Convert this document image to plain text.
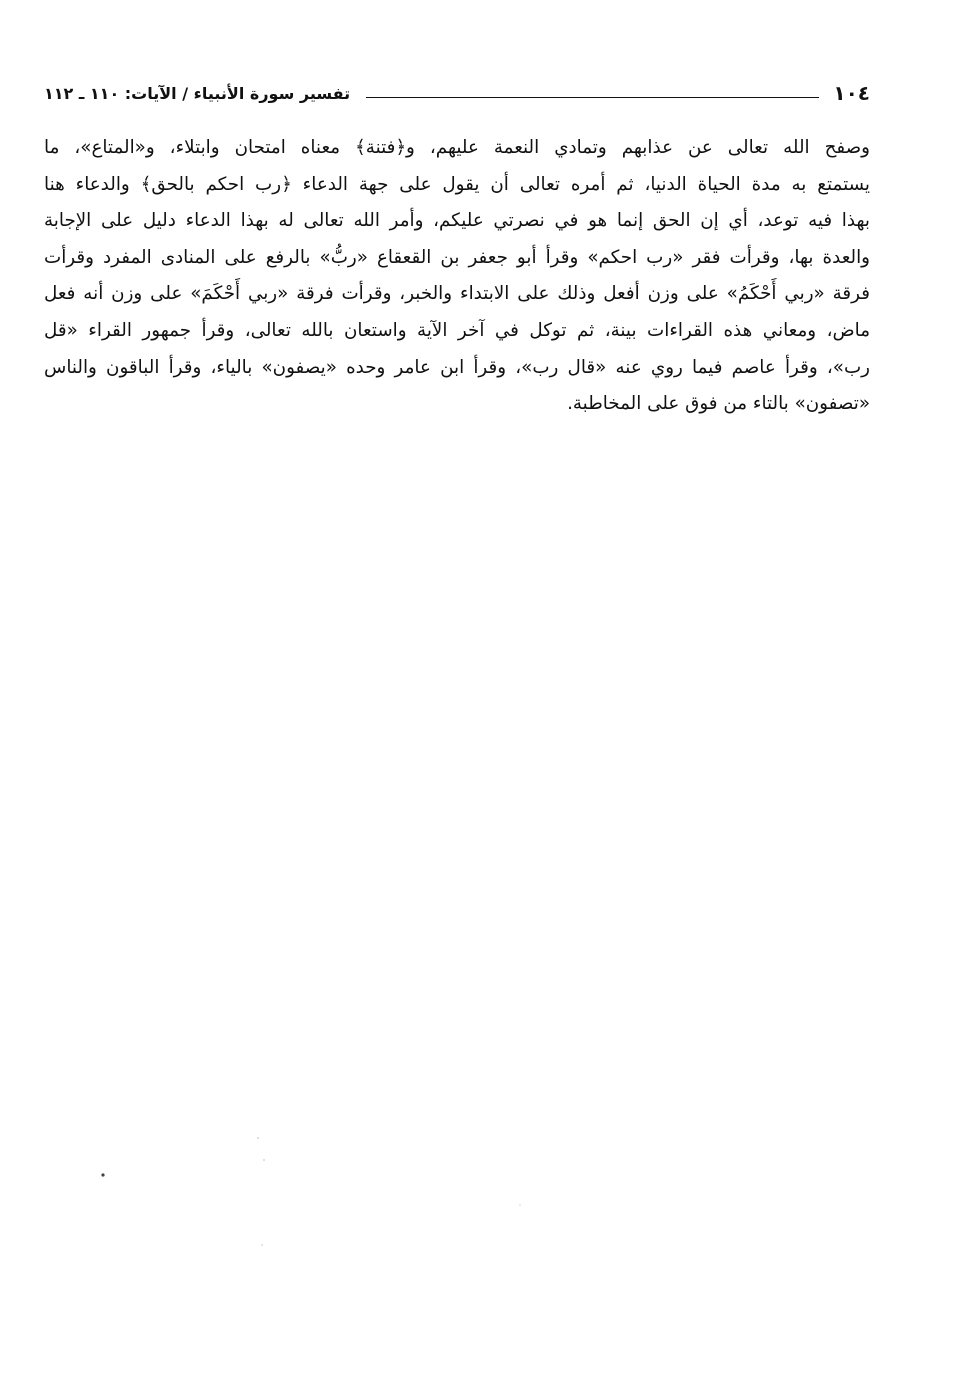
١٠٤
تفسير سورة الأنبياء / الآيات: ١١٠ ـ ١١٢
وصفح الله تعالى عن عذابهم وتمادي النعمة عليهم، و﴿فتنة﴾ معناه امتحان وابتلاء، و«المتاع»، ما
يستمتع به مدة الحياة الدنيا، ثم أمره تعالى أن يقول على جهة الدعاء ﴿رب احكم بالحق﴾ والدعاء هنا
بهذا فيه توعد، أي إن الحق إنما هو في نصرتي عليكم، وأمر الله تعالى له بهذا الدعاء دليل على الإجابة
والعدة بها، وقرأت فقر «رب احكم» وقرأ أبو جعفر بن القعقاع «ربُّ» بالرفع على المنادى المفرد وقرأت
فرقة «ربي أَحْكَمُ» على وزن أفعل وذلك على الابتداء والخبر، وقرأت فرقة «ربي أَحْكَمَ» على وزن أنه فعل
ماض، ومعاني هذه القراءات بينة، ثم توكل في آخر الآية واستعان بالله تعالى، وقرأ جمهور القراء «قل
رب»، وقرأ عاصم فيما روي عنه «قال رب»، وقرأ ابن عامر وحده «يصفون» بالياء، وقرأ الباقون والناس
«تصفون» بالتاء من فوق على المخاطبة.
